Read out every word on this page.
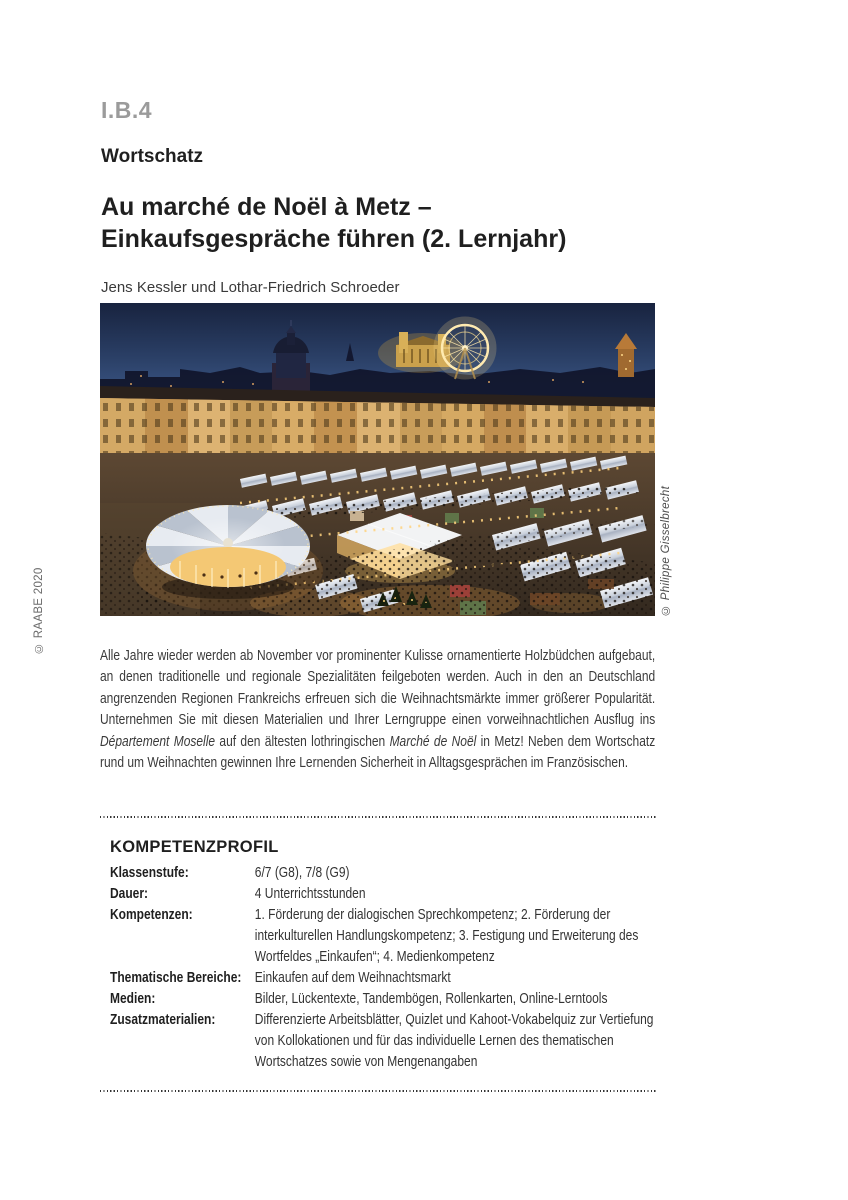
I.B.4
Wortschatz
Au marché de Noël à Metz –
Einkaufsgespräche führen (2. Lernjahr)
Jens Kessler und Lothar-Friedrich Schroeder
© Philippe Gisselbrecht
© RAABE 2020

Alle Jahre wieder werden ab November vor prominenter Kulisse ornamentierte Holzbüdchen aufgebaut, an denen traditionelle und regionale Spezialitäten feilgeboten werden. Auch in den an Deutschland angrenzenden Regionen Frankreichs erfreuen sich die Weihnachtsmärkte immer größerer Popularität. Unternehmen Sie mit diesen Materialien und Ihrer Lerngruppe einen vorweihnachtlichen Ausflug ins Département Moselle auf den ältesten lothringischen Marché de Noël in Metz! Neben dem Wortschatz rund um Weihnachten gewinnen Ihre Lernenden Sicherheit in Alltagsgesprächen im Französischen.

KOMPETENZPROFIL
Klassenstufe:	6/7 (G8), 7/8 (G9)
Dauer:	4 Unterrichtsstunden
Kompetenzen:	1. Förderung der dialogischen Sprechkompetenz; 2. Förderung der interkulturellen Handlungskompetenz; 3. Festigung und Erweiterung des Wortfeldes „Einkaufen“; 4. Medienkompetenz
Thematische Bereiche: Einkaufen auf dem Weihnachtsmarkt
Medien:	Bilder, Lückentexte, Tandembögen, Rollenkarten, Online-Lerntools
Zusatzmaterialien:	Differenzierte Arbeitsblätter, Quizlet und Kahoot-Vokabelquiz zur Vertiefung von Kollokationen und für das individuelle Lernen des thematischen Wortschatzes sowie von Mengenangaben
